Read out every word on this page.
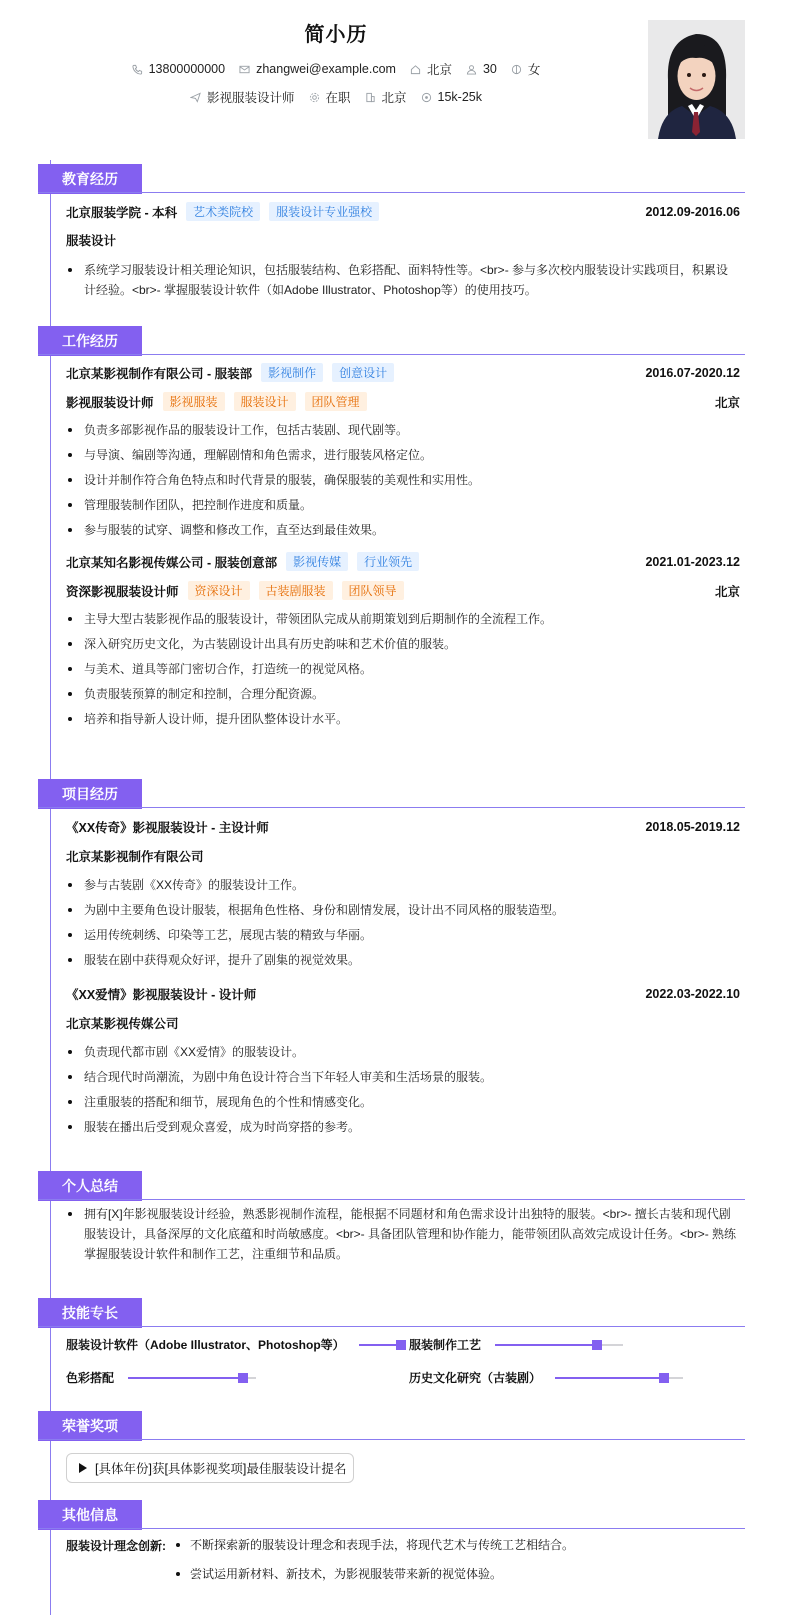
简小历
13800000000 zhangwei@example.com 北京 30 女
影视服装设计师 在职 北京 15k-25k
教育经历
北京服装学院 - 本科	艺术类院校	服装设计专业强校	2012.09-2016.06
服装设计
系统学习服装设计相关理论知识，包括服装结构、色彩搭配、面料特性等。<br>- 参与多次校内服装设计实践项目，积累设计经验。<br>- 掌握服装设计软件（如Adobe Illustrator、Photoshop等）的使用技巧。
工作经历
北京某影视制作有限公司 - 服装部	影视制作	创意设计	2016.07-2020.12
影视服装设计师	影视服装	服装设计	团队管理	北京
负责多部影视作品的服装设计工作，包括古装剧、现代剧等。
与导演、编剧等沟通，理解剧情和角色需求，进行服装风格定位。
设计并制作符合角色特点和时代背景的服装，确保服装的美观性和实用性。
管理服装制作团队，把控制作进度和质量。
参与服装的试穿、调整和修改工作，直至达到最佳效果。
北京某知名影视传媒公司 - 服装创意部	影视传媒	行业领先	2021.01-2023.12
资深影视服装设计师	资深设计	古装剧服装	团队领导	北京
主导大型古装影视作品的服装设计，带领团队完成从前期策划到后期制作的全流程工作。
深入研究历史文化，为古装剧设计出具有历史韵味和艺术价值的服装。
与美术、道具等部门密切合作，打造统一的视觉风格。
负责服装预算的制定和控制，合理分配资源。
培养和指导新人设计师，提升团队整体设计水平。
项目经历
《XX传奇》影视服装设计 - 主设计师	2018.05-2019.12
北京某影视制作有限公司
参与古装剧《XX传奇》的服装设计工作。
为剧中主要角色设计服装，根据角色性格、身份和剧情发展，设计出不同风格的服装造型。
运用传统刺绣、印染等工艺，展现古装的精致与华丽。
服装在剧中获得观众好评，提升了剧集的视觉效果。
《XX爱情》影视服装设计 - 设计师	2022.03-2022.10
北京某影视传媒公司
负责现代都市剧《XX爱情》的服装设计。
结合现代时尚潮流，为剧中角色设计符合当下年轻人审美和生活场景的服装。
注重服装的搭配和细节，展现角色的个性和情感变化。
服装在播出后受到观众喜爱，成为时尚穿搭的参考。
个人总结
拥有[X]年影视服装设计经验，熟悉影视制作流程，能根据不同题材和角色需求设计出独特的服装。<br>- 擅长古装和现代剧服装设计，具备深厚的文化底蕴和时尚敏感度。<br>- 具备团队管理和协作能力，能带领团队高效完成设计任务。<br>- 熟练掌握服装设计软件和制作工艺，注重细节和品质。
技能专长
服装设计软件（Adobe Illustrator、Photoshop等）	服装制作工艺
色彩搭配	历史文化研究（古装剧）
荣誉奖项
[具体年份]获[具体影视奖项]最佳服装设计提名
其他信息
服装设计理念创新:	不断探索新的服装设计理念和表现手法，将现代艺术与传统工艺相结合。
尝试运用新材料、新技术，为影视服装带来新的视觉体验。
